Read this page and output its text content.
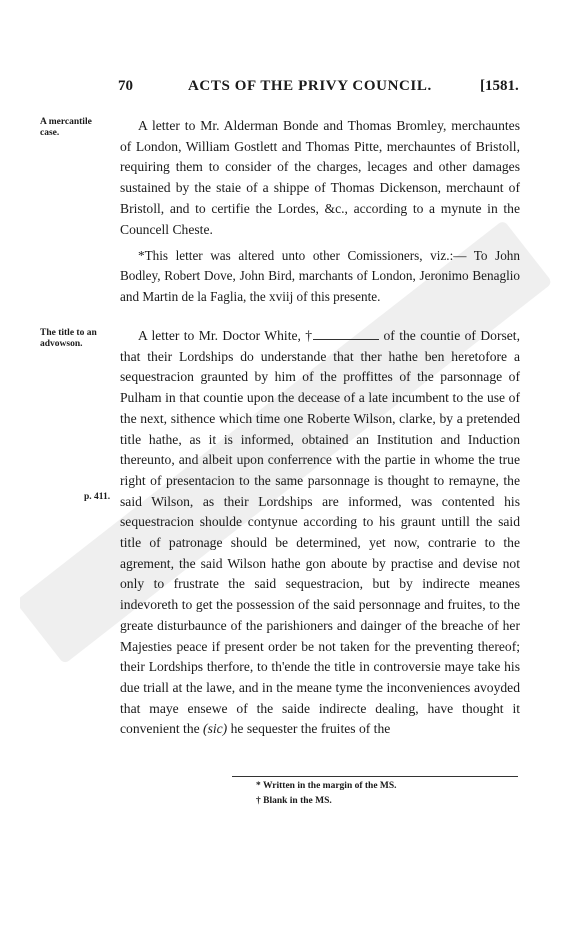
70	ACTS OF THE PRIVY COUNCIL.	[1581.
A mercantile case.
The title to an advowson.
p. 411.

A letter to Mr. Alderman Bonde and Thomas Bromley, merchauntes of London, William Gostlett and Thomas Pitte, merchauntes of Bristoll, requiring them to consider of the charges, lecages and other damages sustained by the staie of a shippe of Thomas Dickenson, merchaunt of Bristoll, and to certifie the Lordes, &c., according to a mynute in the Councell Cheste.

*This letter was altered unto other Comissioners, viz.:— To John Bodley, Robert Dove, John Bird, marchants of London, Jeronimo Benaglio and Martin de la Faglia, the xviij of this presente.

A letter to Mr. Doctor White, †	of the countie of Dorset, that their Lordships do understande that ther hathe ben heretofore a sequestracion graunted by him of the proffittes of the parsonnage of Pulham in that countie upon the decease of a late incumbent to the use of the next, sithence which time one Roberte Wilson, clarke, by a pretended title hathe, as it is informed, obtained an Institution and Induction thereunto, and albeit upon conferrence with the partie in whome the true right of presentacion to the same parsonnage is thought to remayne, the said Wilson, as their Lordships are informed, was contented his sequestracion shoulde contynue according to his graunt untill the said title of patronage should be determined, yet now, contrarie to the agrement, the said Wilson hathe gon aboute by practise and devise not only to frustrate the said sequestracion, but by indirecte meanes indevoreth to get the possession of the said personnage and fruites, to the greate disturbaunce of the parishioners and dainger of the breache of her Majesties peace if present order be not taken for the preventing thereof; their Lordships therfore, to th'ende the title in controversie maye take his due triall at the lawe, and in the meane tyme the inconveniences avoyded that maye ensewe of the saide indirecte dealing, have thought it convenient the (sic) he sequester the fruites of the

* Written in the margin of the MS.
† Blank in the MS.
